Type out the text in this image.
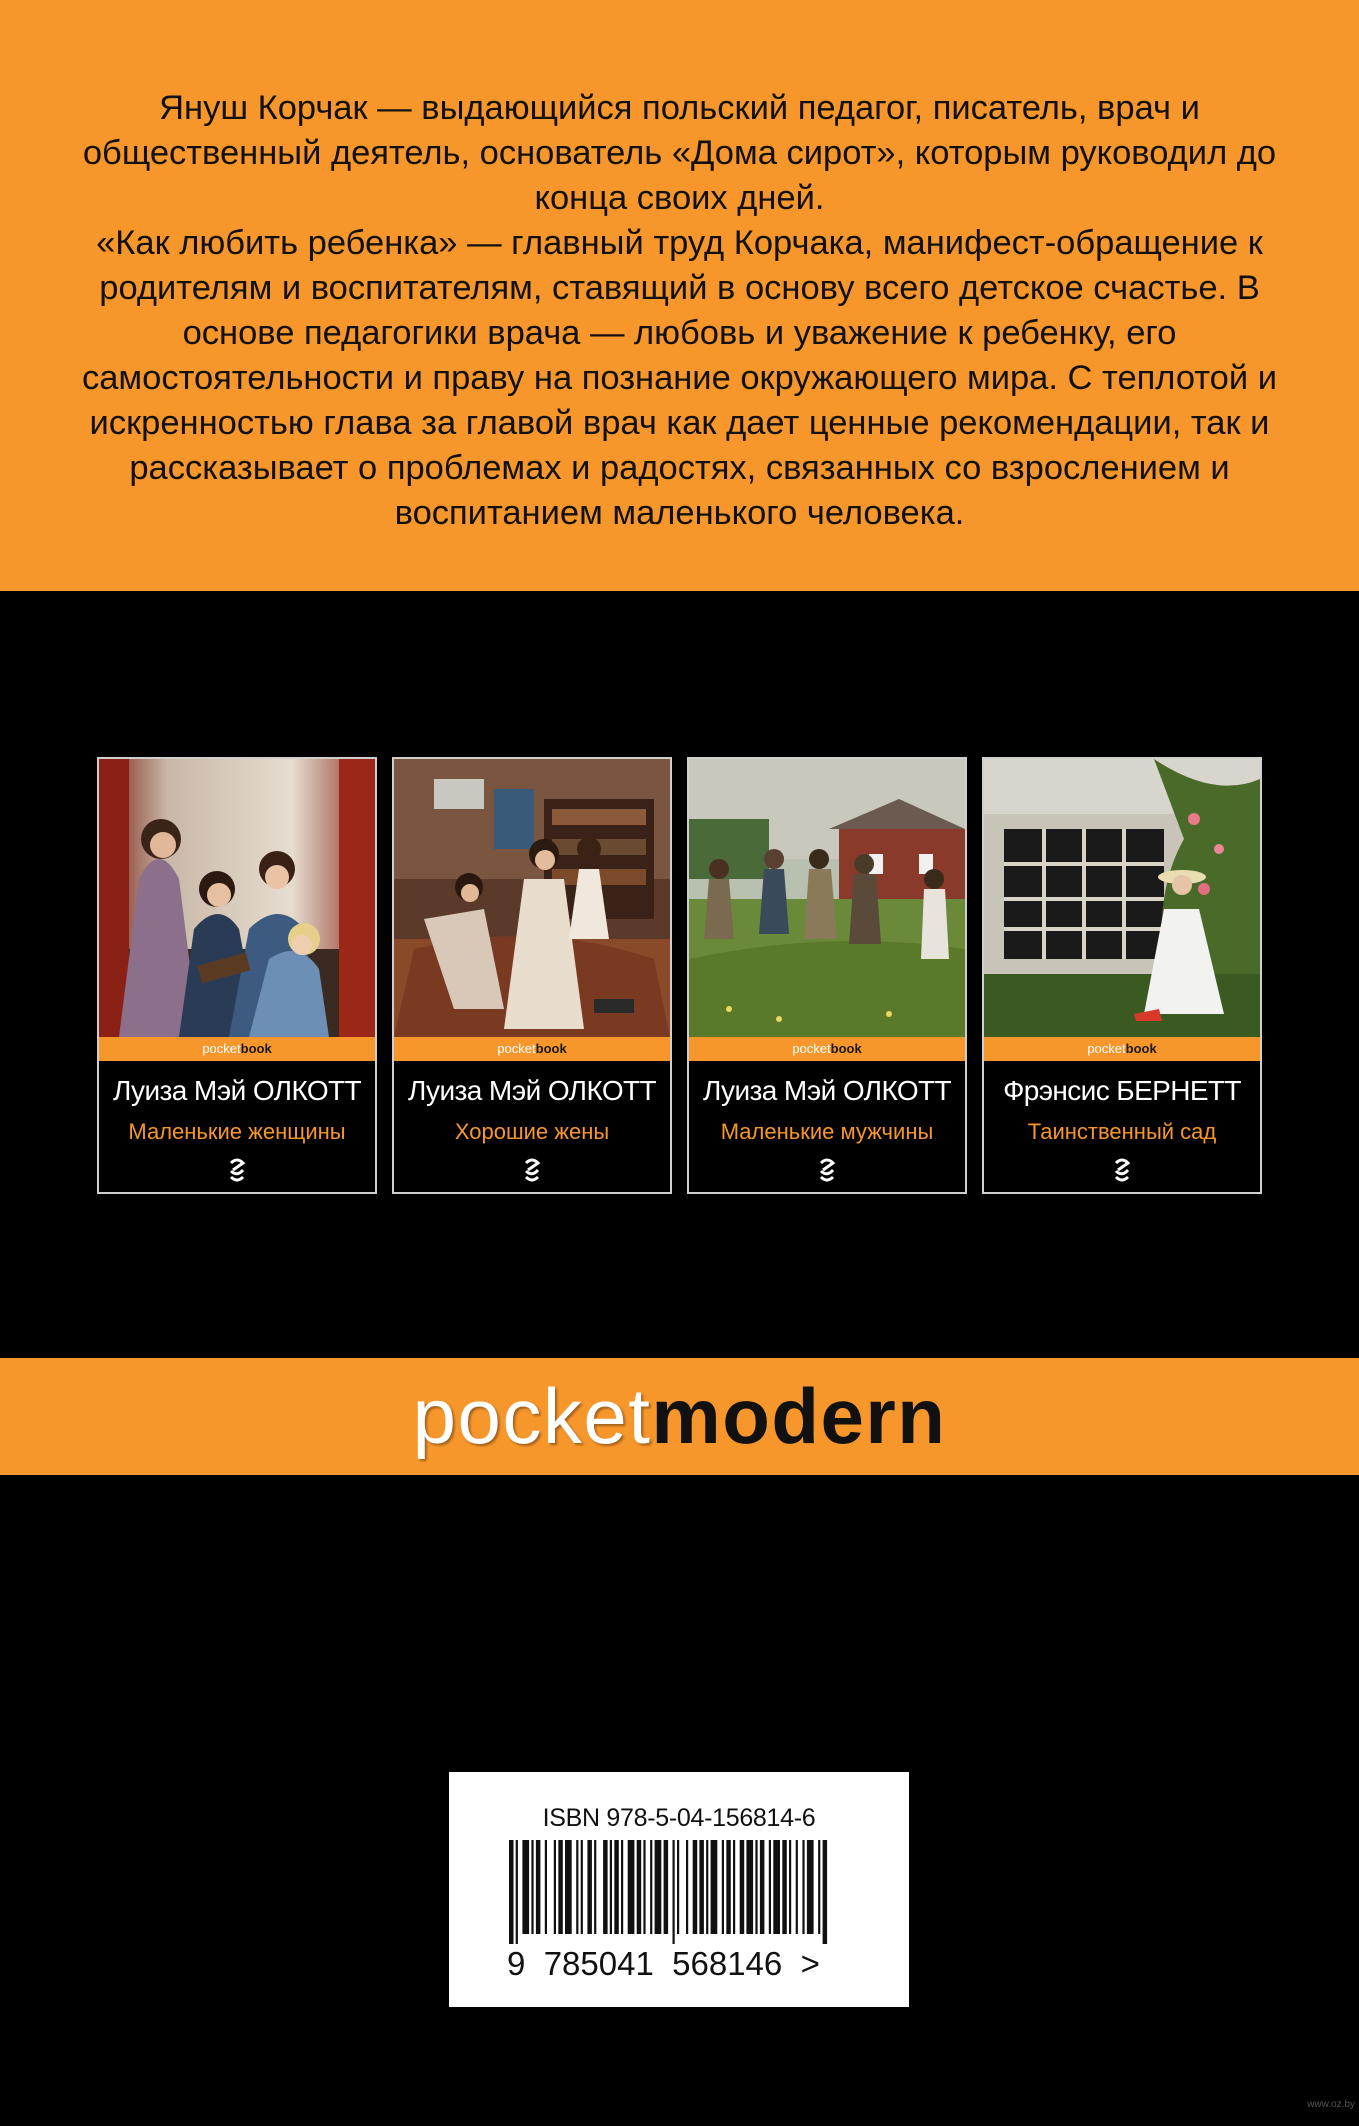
Януш Корчак — выдающийся польский педагог, писатель, врач и общественный деятель, основатель «Дома сирот», которым руководил до конца своих дней.

«Как любить ребенка» — главный труд Корчака, манифест-обращение к родителям и воспитателям, ставящий в основу всего детское счастье. В основе педагогики врача — любовь и уважение к ребенку, его самостоятельности и праву на познание окружающего мира. С теплотой и искренностью глава за главой врач как дает ценные рекомендации, так и рассказывает о проблемах и радостях, связанных со взрослением и воспитанием маленького человека.

pocketbook
Луиза Мэй ОЛКОТТ
Маленькие женщины
pocketbook
Луиза Мэй ОЛКОТТ
Хорошие жены
pocketbook
Луиза Мэй ОЛКОТТ
Маленькие мужчины
pocketbook
Фрэнсис БЕРНЕТТ
Таинственный сад
pocketmodern
ISBN 978-5-04-156814-6
9  785041  568146  >
www.oz.by
